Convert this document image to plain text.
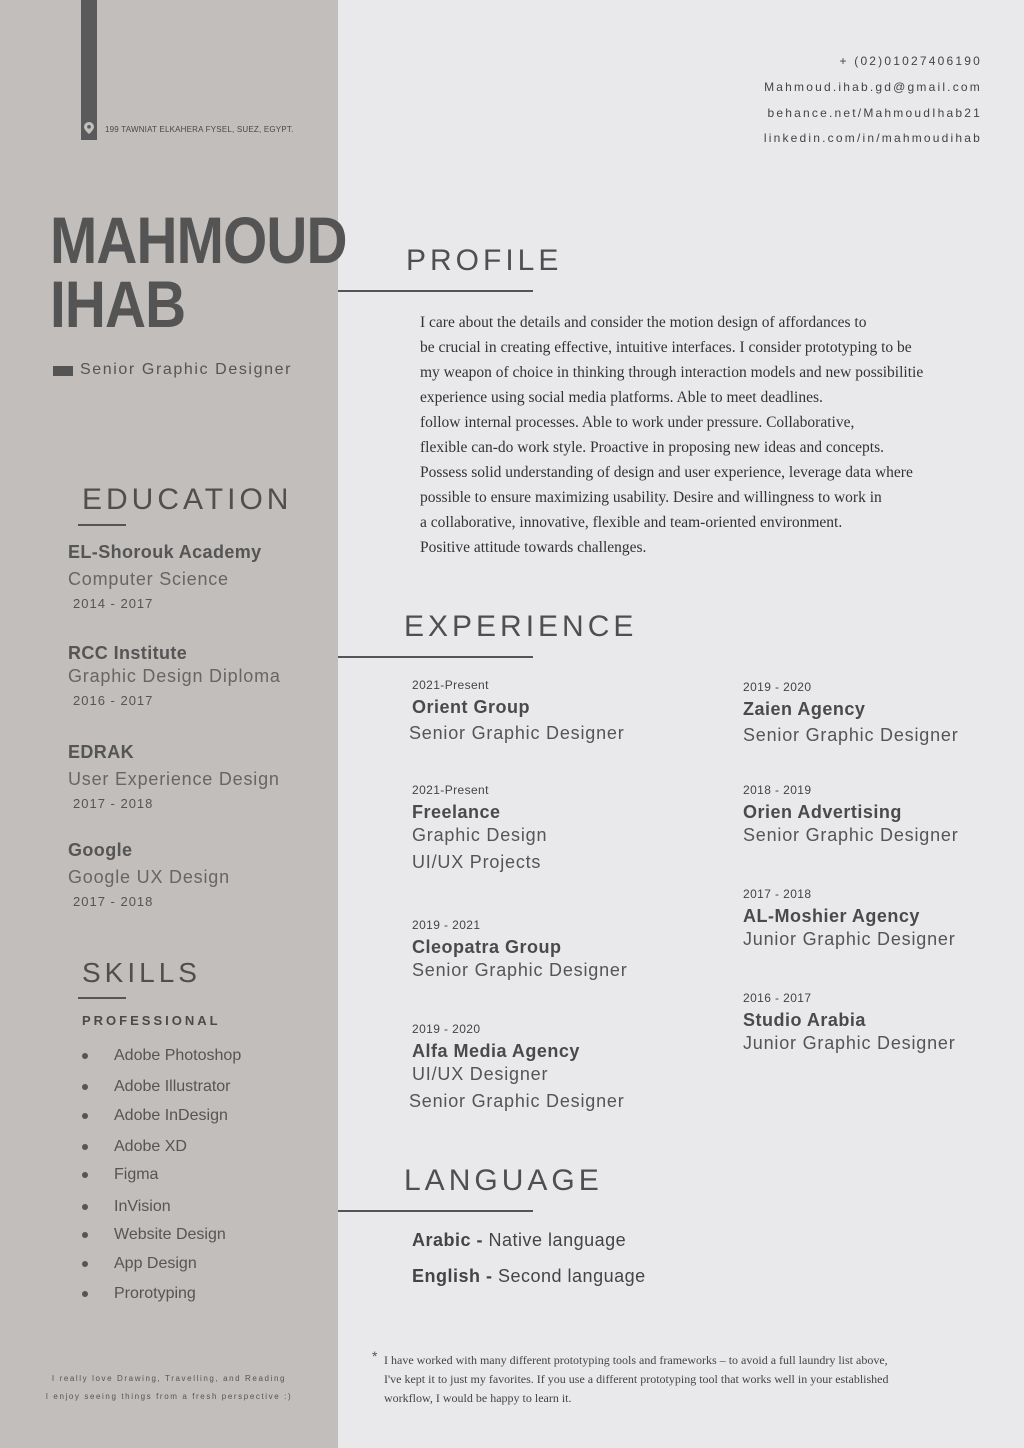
199 TAWNIAT ELKAHERA FYSEL, SUEZ, EGYPT.
MAHMOUD
IHAB
Senior Graphic Designer
EDUCATION
EL-Shorouk Academy
Computer Science
2014 - 2017
RCC Institute
Graphic Design Diploma
2016 - 2017
EDRAK
User Experience Design
2017 - 2018
Google
Google UX Design
2017 - 2018
SKILLS
PROFESSIONAL
Adobe Photoshop
Adobe Illustrator
Adobe InDesign
Adobe XD
Figma
InVision
Website Design
App Design
Prorotyping
I really love Drawing, Travelling, and Reading
I enjoy seeing things from a fresh perspective :)
+ (02)01027406190
Mahmoud.ihab.gd@gmail.com
behance.net/MahmoudIhab21
linkedin.com/in/mahmoudihab
PROFILE
I care about the details and consider the motion design of affordances to
be crucial in creating effective, intuitive interfaces. I consider prototyping to be
my weapon of choice in thinking through interaction models and new possibilitie
experience using social media platforms. Able to meet deadlines.
follow internal processes. Able to work under pressure. Collaborative,
flexible can-do work style. Proactive in proposing new ideas and concepts.
Possess solid understanding of design and user experience, leverage data where
possible to ensure maximizing usability. Desire and willingness to work in
a collaborative, innovative, flexible and team-oriented environment.
Positive attitude towards challenges.
EXPERIENCE
2021-Present
Orient Group
Senior Graphic Designer
2021-Present
Freelance
Graphic Design
UI/UX Projects
2019 - 2021
Cleopatra Group
Senior Graphic Designer
2019 - 2020
Alfa Media Agency
UI/UX Designer
Senior Graphic Designer
2019 - 2020
Zaien Agency
Senior Graphic Designer
2018 - 2019
Orien Advertising
Senior Graphic Designer
2017 - 2018
AL-Moshier Agency
Junior Graphic Designer
2016 - 2017
Studio Arabia
Junior Graphic Designer
LANGUAGE
Arabic - Native language
English - Second language
* I have worked with many different prototyping tools and frameworks – to avoid a full laundry list above,
I've kept it to just my favorites. If you use a different prototyping tool that works well in your established
workflow, I would be happy to learn it.
